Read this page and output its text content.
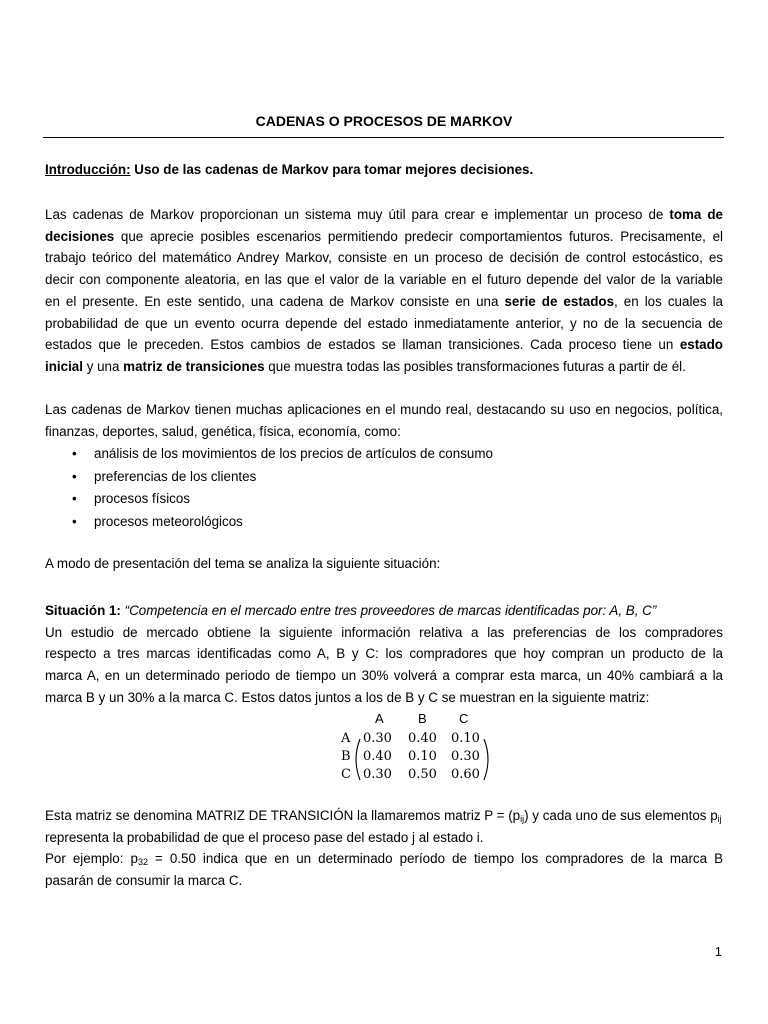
CADENAS O PROCESOS DE MARKOV
Introducción: Uso de las cadenas de Markov para tomar mejores decisiones.
Las cadenas de Markov proporcionan un sistema muy útil para crear e implementar un proceso de toma de
decisiones que aprecie posibles escenarios permitiendo predecir comportamientos futuros. Precisamente, el
trabajo teórico del matemático Andrey Markov, consiste en un proceso de decisión de control estocástico, es
decir con componente aleatoria, en las que el valor de la variable en el futuro depende del valor de la variable
en el presente. En este sentido, una cadena de Markov consiste en una serie de estados, en los cuales la
probabilidad de que un evento ocurra depende del estado inmediatamente anterior, y no de la secuencia de
estados que le preceden. Estos cambios de estados se llaman transiciones. Cada proceso tiene un estado
inicial y una matriz de transiciones que muestra todas las posibles transformaciones futuras a partir de él.
Las cadenas de Markov tienen muchas aplicaciones en el mundo real, destacando su uso en negocios, política,
finanzas, deportes, salud, genética, física, economía, como:
• análisis de los movimientos de los precios de artículos de consumo
• preferencias de los clientes
• procesos físicos
• procesos meteorológicos
A modo de presentación del tema se analiza la siguiente situación:
Situación 1: “Competencia en el mercado entre tres proveedores de marcas identificadas por: A, B, C”
Un estudio de mercado obtiene la siguiente información relativa a las preferencias de los compradores
respecto a tres marcas identificadas como A, B y C: los compradores que hoy compran un producto de la
marca A, en un determinado periodo de tiempo un 30% volverá a comprar esta marca, un 40% cambiará a la
marca B y un 30% a la marca C. Estos datos juntos a los de B y C se muestran en la siguiente matriz:
A	B C
A
B
C
0.30 0.40 0.10
0.40 0.10 0.30
0.30 0.50 0.60
Esta matriz se denomina MATRIZ DE TRANSICIÓN la llamaremos matriz $P = (p_{ij})$ y cada uno de sus elementos $p_{ij}$
representa la probabilidad de que el proceso pase del estado j al estado i.
Por ejemplo: $p_{32} = 0.50$ indica que en un determinado período de tiempo los compradores de la marca B
pasarán de consumir la marca C.
1
